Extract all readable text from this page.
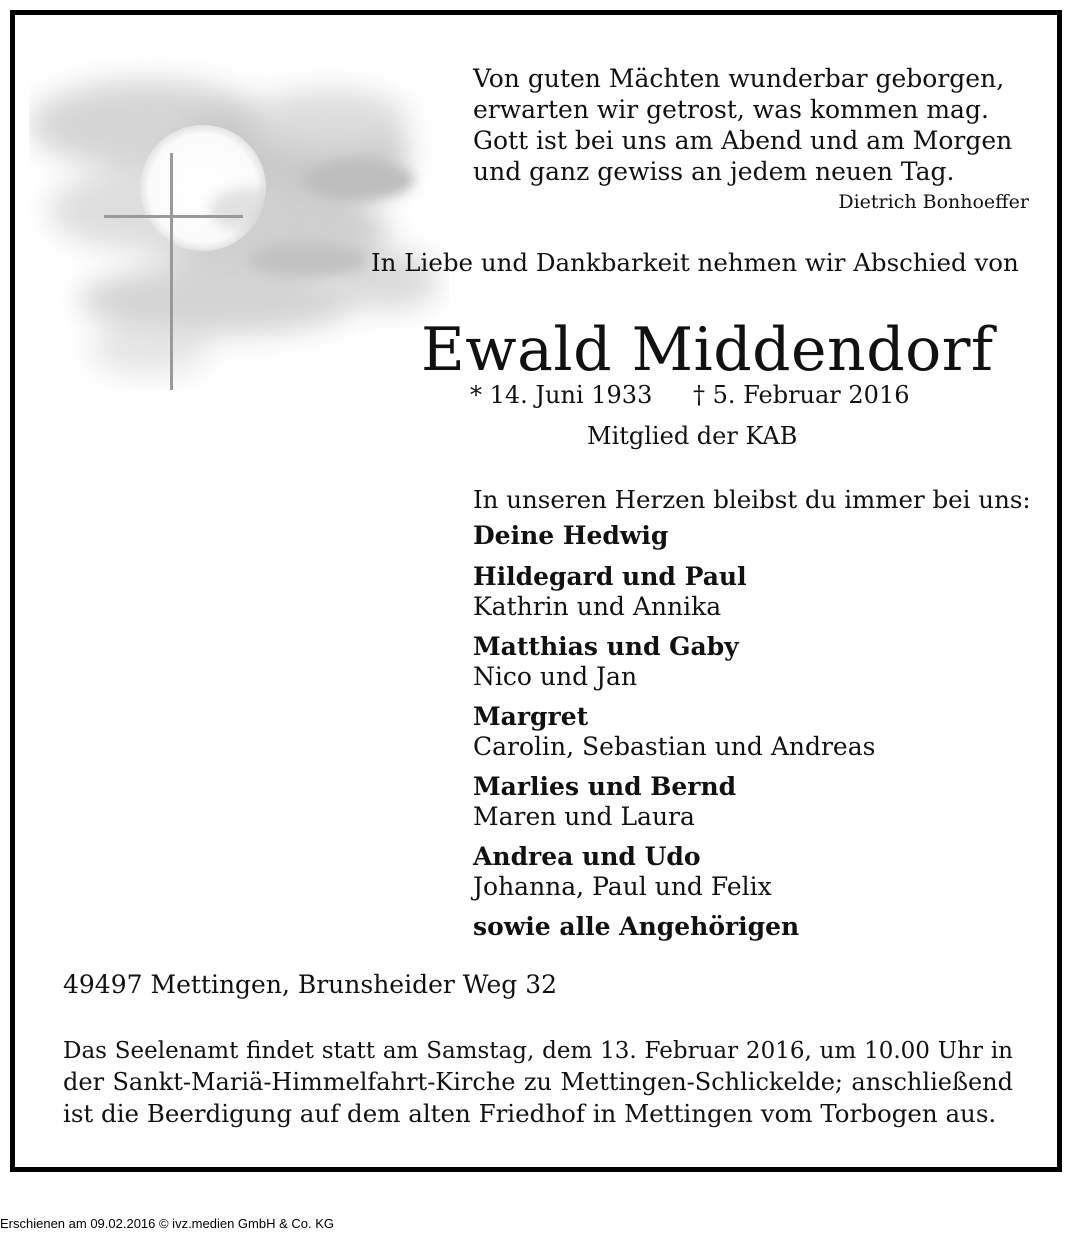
Von guten Mächten wunderbar geborgen,
erwarten wir getrost, was kommen mag.
Gott ist bei uns am Abend und am Morgen
und ganz gewiss an jedem neuen Tag.
Dietrich Bonhoeffer
In Liebe und Dankbarkeit nehmen wir Abschied von
Ewald Middendorf
* 14. Juni 1933 † 5. Februar 2016
Mitglied der KAB
In unseren Herzen bleibst du immer bei uns:
Deine Hedwig
Hildegard und Paul
Kathrin und Annika
Matthias und Gaby
Nico und Jan
Margret
Carolin, Sebastian und Andreas
Marlies und Bernd
Maren und Laura
Andrea und Udo
Johanna, Paul und Felix
sowie alle Angehörigen
49497 Mettingen, Brunsheider Weg 32
Das Seelenamt findet statt am Samstag, dem 13. Februar 2016, um 10.00 Uhr in
der Sankt-Mariä-Himmelfahrt-Kirche zu Mettingen-Schlickelde; anschließend
ist die Beerdigung auf dem alten Friedhof in Mettingen vom Torbogen aus.
Erschienen am 09.02.2016 © ivz.medien GmbH & Co. KG
